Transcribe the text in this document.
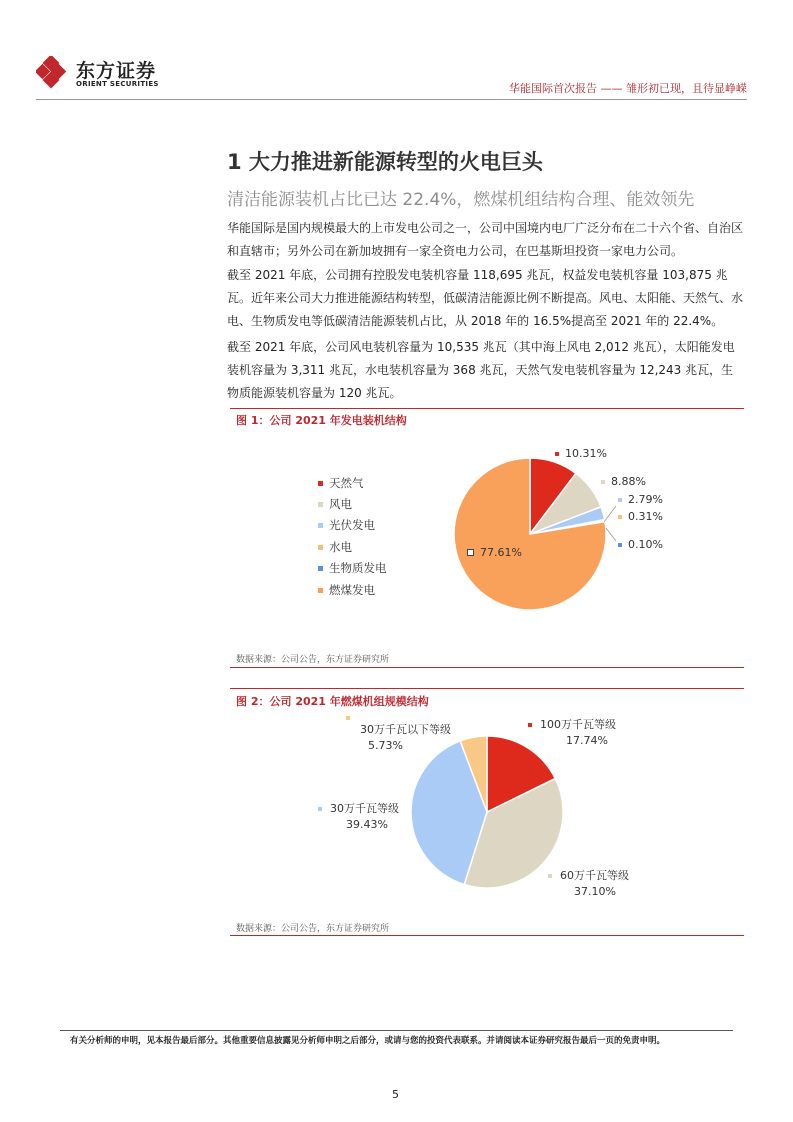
东方证券
ORIENT SECURITIES	华能国际首次报告 —— 雏形初已现，且待显峥嵘
1 大力推进新能源转型的火电巨头
清洁能源装机占比已达 22.4%，燃煤机组结构合理、能效领先
华能国际是国内规模最大的上市发电公司之一，公司中国境内电厂广泛分布在二十六个省、自治区和直辖市；另外公司在新加坡拥有一家全资电力公司，在巴基斯坦投资一家电力公司。
截至 2021 年底，公司拥有控股发电装机容量 118,695 兆瓦，权益发电装机容量 103,875 兆瓦。近年来公司大力推进能源结构转型，低碳清洁能源比例不断提高。风电、太阳能、天然气、水电、生物质发电等低碳清洁能源装机占比，从 2018 年的 16.5%提高至 2021 年的 22.4%。
截至 2021 年底，公司风电装机容量为 10,535 兆瓦（其中海上风电 2,012 兆瓦），太阳能发电装机容量为 3,311 兆瓦，水电装机容量为 368 兆瓦，天然气发电装机容量为 12,243 兆瓦，生物质能源装机容量为 120 兆瓦。
图 1：公司 2021 年发电装机结构
天然气
风电
光伏发电
水电
生物质发电
燃煤发电
10.31%
8.88%
2.79%
0.31%
0.10%
77.61%
数据来源：公司公告，东方证券研究所
图 2：公司 2021 年燃煤机组规模结构
100万千瓦等级
17.74%
60万千瓦等级
37.10%
30万千瓦等级
39.43%
30万千瓦以下等级
5.73%
数据来源：公司公告，东方证券研究所
有关分析师的申明，见本报告最后部分。其他重要信息披露见分析师申明之后部分，或请与您的投资代表联系。并请阅读本证券研究报告最后一页的免责申明。
5
